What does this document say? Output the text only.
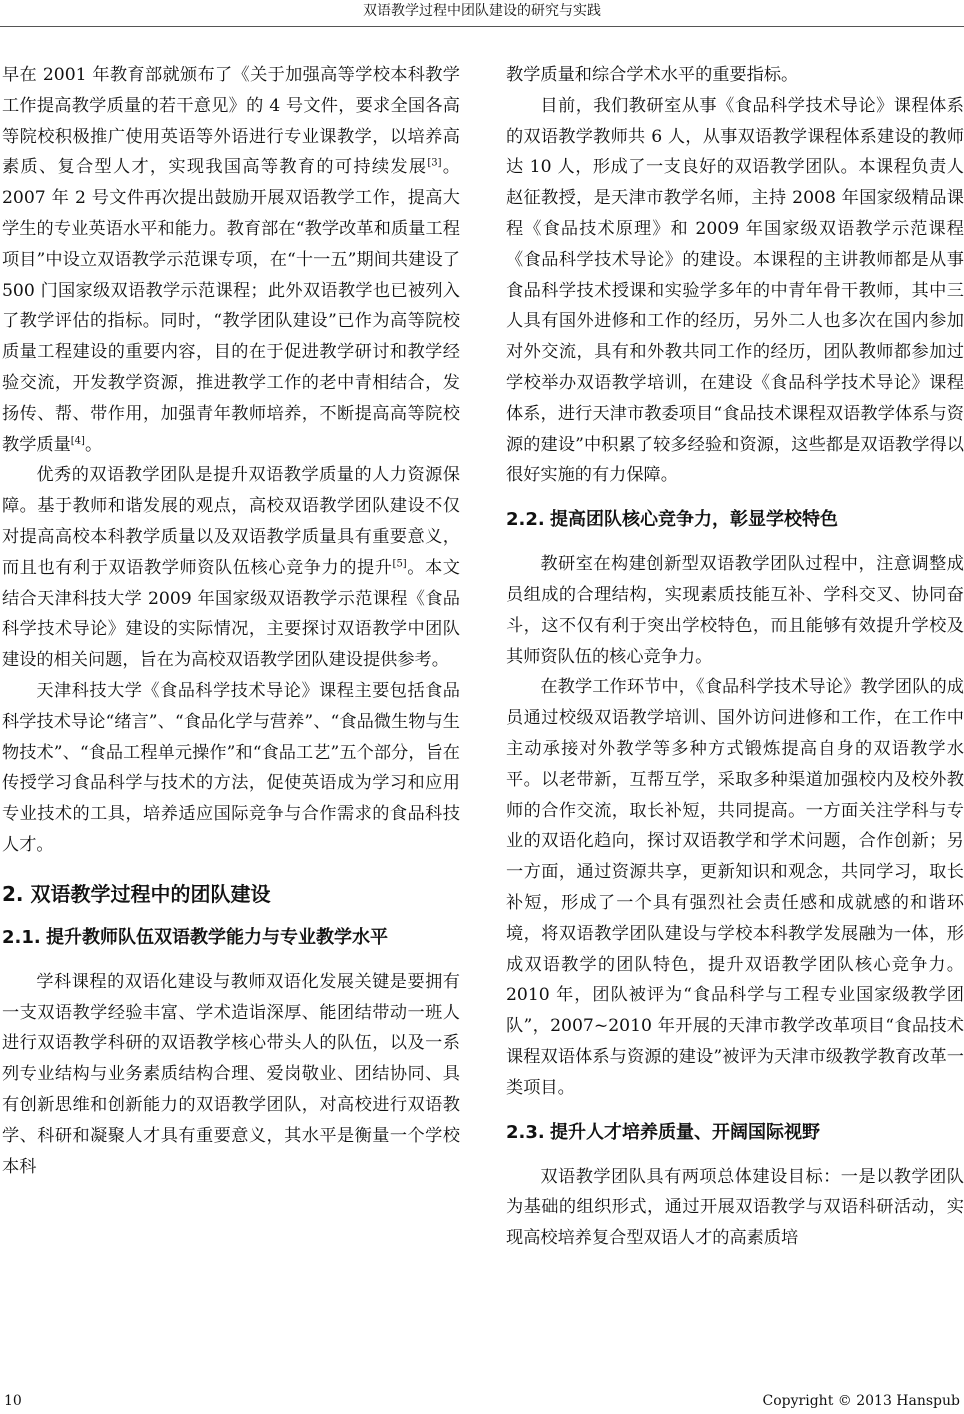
双语教学过程中团队建设的研究与实践

早在 2001 年教育部就颁布了《关于加强高等学校本科教学工作提高教学质量的若干意见》的 4 号文件，要求全国各高等院校积极推广使用英语等外语进行专业课教学，以培养高素质、复合型人才，实现我国高等教育的可持续发展[3]。2007 年 2 号文件再次提出鼓励开展双语教学工作，提高大学生的专业英语水平和能力。教育部在“教学改革和质量工程项目”中设立双语教学示范课专项，在“十一五”期间共建设了 500 门国家级双语教学示范课程；此外双语教学也已被列入了教学评估的指标。同时，“教学团队建设”已作为高等院校质量工程建设的重要内容，目的在于促进教学研讨和教学经验交流，开发教学资源，推进教学工作的老中青相结合，发扬传、帮、带作用，加强青年教师培养，不断提高高等院校教学质量[4]。

优秀的双语教学团队是提升双语教学质量的人力资源保障。基于教师和谐发展的观点，高校双语教学团队建设不仅对提高高校本科教学质量以及双语教学质量具有重要意义，而且也有利于双语教学师资队伍核心竞争力的提升[5]。本文结合天津科技大学 2009 年国家级双语教学示范课程《食品科学技术导论》建设的实际情况，主要探讨双语教学中团队建设的相关问题，旨在为高校双语教学团队建设提供参考。

天津科技大学《食品科学技术导论》课程主要包括食品科学技术导论“绪言”、“食品化学与营养”、“食品微生物与生物技术”、“食品工程单元操作”和“食品工艺”五个部分，旨在传授学习食品科学与技术的方法，促使英语成为学习和应用专业技术的工具，培养适应国际竞争与合作需求的食品科技人才。

2. 双语教学过程中的团队建设
2.1. 提升教师队伍双语教学能力与专业教学水平

学科课程的双语化建设与教师双语化发展关键是要拥有一支双语教学经验丰富、学术造诣深厚、能团结带动一班人进行双语教学科研的双语教学核心带头人的队伍，以及一系列专业结构与业务素质结构合理、爱岗敬业、团结协同、具有创新思维和创新能力的双语教学团队，对高校进行双语教学、科研和凝聚人才具有重要意义，其水平是衡量一个学校本科

教学质量和综合学术水平的重要指标。

目前，我们教研室从事《食品科学技术导论》课程体系的双语教学教师共 6 人，从事双语教学课程体系建设的教师达 10 人，形成了一支良好的双语教学团队。本课程负责人赵征教授，是天津市教学名师，主持 2008 年国家级精品课程《食品技术原理》和 2009 年国家级双语教学示范课程《食品科学技术导论》的建设。本课程的主讲教师都是从事食品科学技术授课和实验学多年的中青年骨干教师，其中三人具有国外进修和工作的经历，另外二人也多次在国内参加对外交流，具有和外教共同工作的经历，团队教师都参加过学校举办双语教学培训，在建设《食品科学技术导论》课程体系，进行天津市教委项目“食品技术课程双语教学体系与资源的建设”中积累了较多经验和资源，这些都是双语教学得以很好实施的有力保障。

2.2. 提高团队核心竞争力，彰显学校特色

教研室在构建创新型双语教学团队过程中，注意调整成员组成的合理结构，实现素质技能互补、学科交叉、协同奋斗，这不仅有利于突出学校特色，而且能够有效提升学校及其师资队伍的核心竞争力。

在教学工作环节中，《食品科学技术导论》教学团队的成员通过校级双语教学培训、国外访问进修和工作，在工作中主动承接对外教学等多种方式锻炼提高自身的双语教学水平。以老带新，互帮互学，采取多种渠道加强校内及校外教师的合作交流，取长补短，共同提高。一方面关注学科与专业的双语化趋向，探讨双语教学和学术问题，合作创新；另一方面，通过资源共享，更新知识和观念，共同学习，取长补短，形成了一个具有强烈社会责任感和成就感的和谐环境，将双语教学团队建设与学校本科教学发展融为一体，形成双语教学的团队特色，提升双语教学团队核心竞争力。2010 年，团队被评为“食品科学与工程专业国家级教学团队”，2007~2010 年开展的天津市教学改革项目“食品技术课程双语体系与资源的建设”被评为天津市级教学教育改革一类项目。

2.3. 提升人才培养质量、开阔国际视野

双语教学团队具有两项总体建设目标：一是以教学团队为基础的组织形式，通过开展双语教学与双语科研活动，实现高校培养复合型双语人才的高素质培

10	Copyright © 2013 Hanspub
